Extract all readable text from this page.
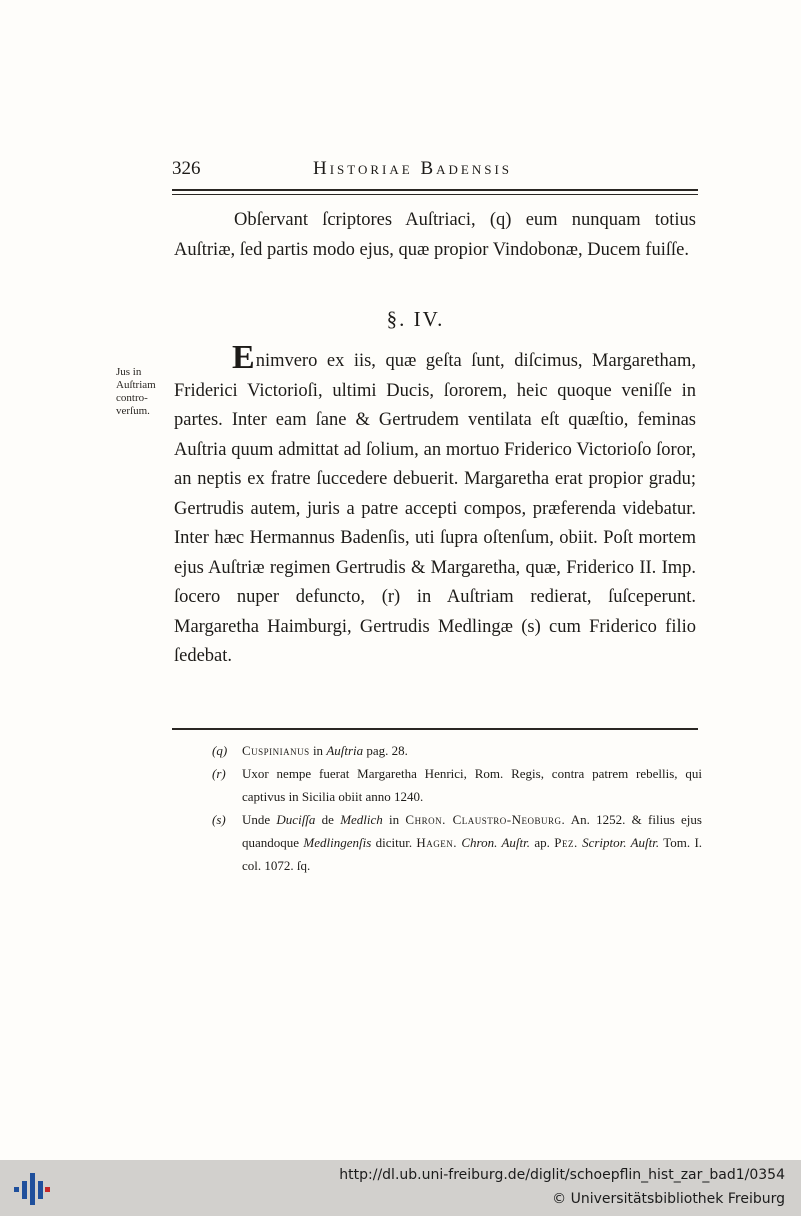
326	Historiae Badensis

Obſervant ſcriptores Auſtriaci, (q) eum nunquam totius Auſtriæ, ſed partis modo ejus, quæ propior Vindobonæ, Ducem fuiſſe.

§. IV.
Jus in Auſtriam contro-verſum.

Enimvero ex iis, quæ geſta ſunt, diſcimus, Margaretham, Friderici Victorioſi, ultimi Ducis, ſororem, heic quoque veniſſe in partes. Inter eam ſane & Gertrudem ventilata eſt quæſtio, feminas Auſtria quum admittat ad ſolium, an mortuo Friderico Victorioſo ſoror, an neptis ex fratre ſuccedere debuerit. Margaretha erat propior gradu; Gertrudis autem, juris a patre accepti compos, præferenda videbatur. Inter hæc Hermannus Badenſis, uti ſupra oſtenſum, obiit. Poſt mortem ejus Auſtriæ regimen Gertrudis & Margaretha, quæ, Friderico II. Imp. ſocero nuper defuncto, (r) in Auſtriam redierat, ſuſceperunt. Margaretha Haimburgi, Gertrudis Medlingæ (s) cum Friderico filio ſedebat.

(q) Cuspinianus in Auſtria pag. 28.
(r) Uxor nempe fuerat Margaretha Henrici, Rom. Regis, contra patrem rebellis, qui captivus in Sicilia obiit anno 1240.
(s) Unde Duciſſa de Medlich in Chron. Claustro-Neoburg. An. 1252. & filius ejus quandoque Medlingenſis dicitur. Hagen. Chron. Auſtr. ap. Pez. Scriptor. Auſtr. Tom. I. col. 1072. ſq.
http://dl.ub.uni-freiburg.de/diglit/schoepflin_hist_zar_bad1/0354
© Universitätsbibliothek Freiburg
